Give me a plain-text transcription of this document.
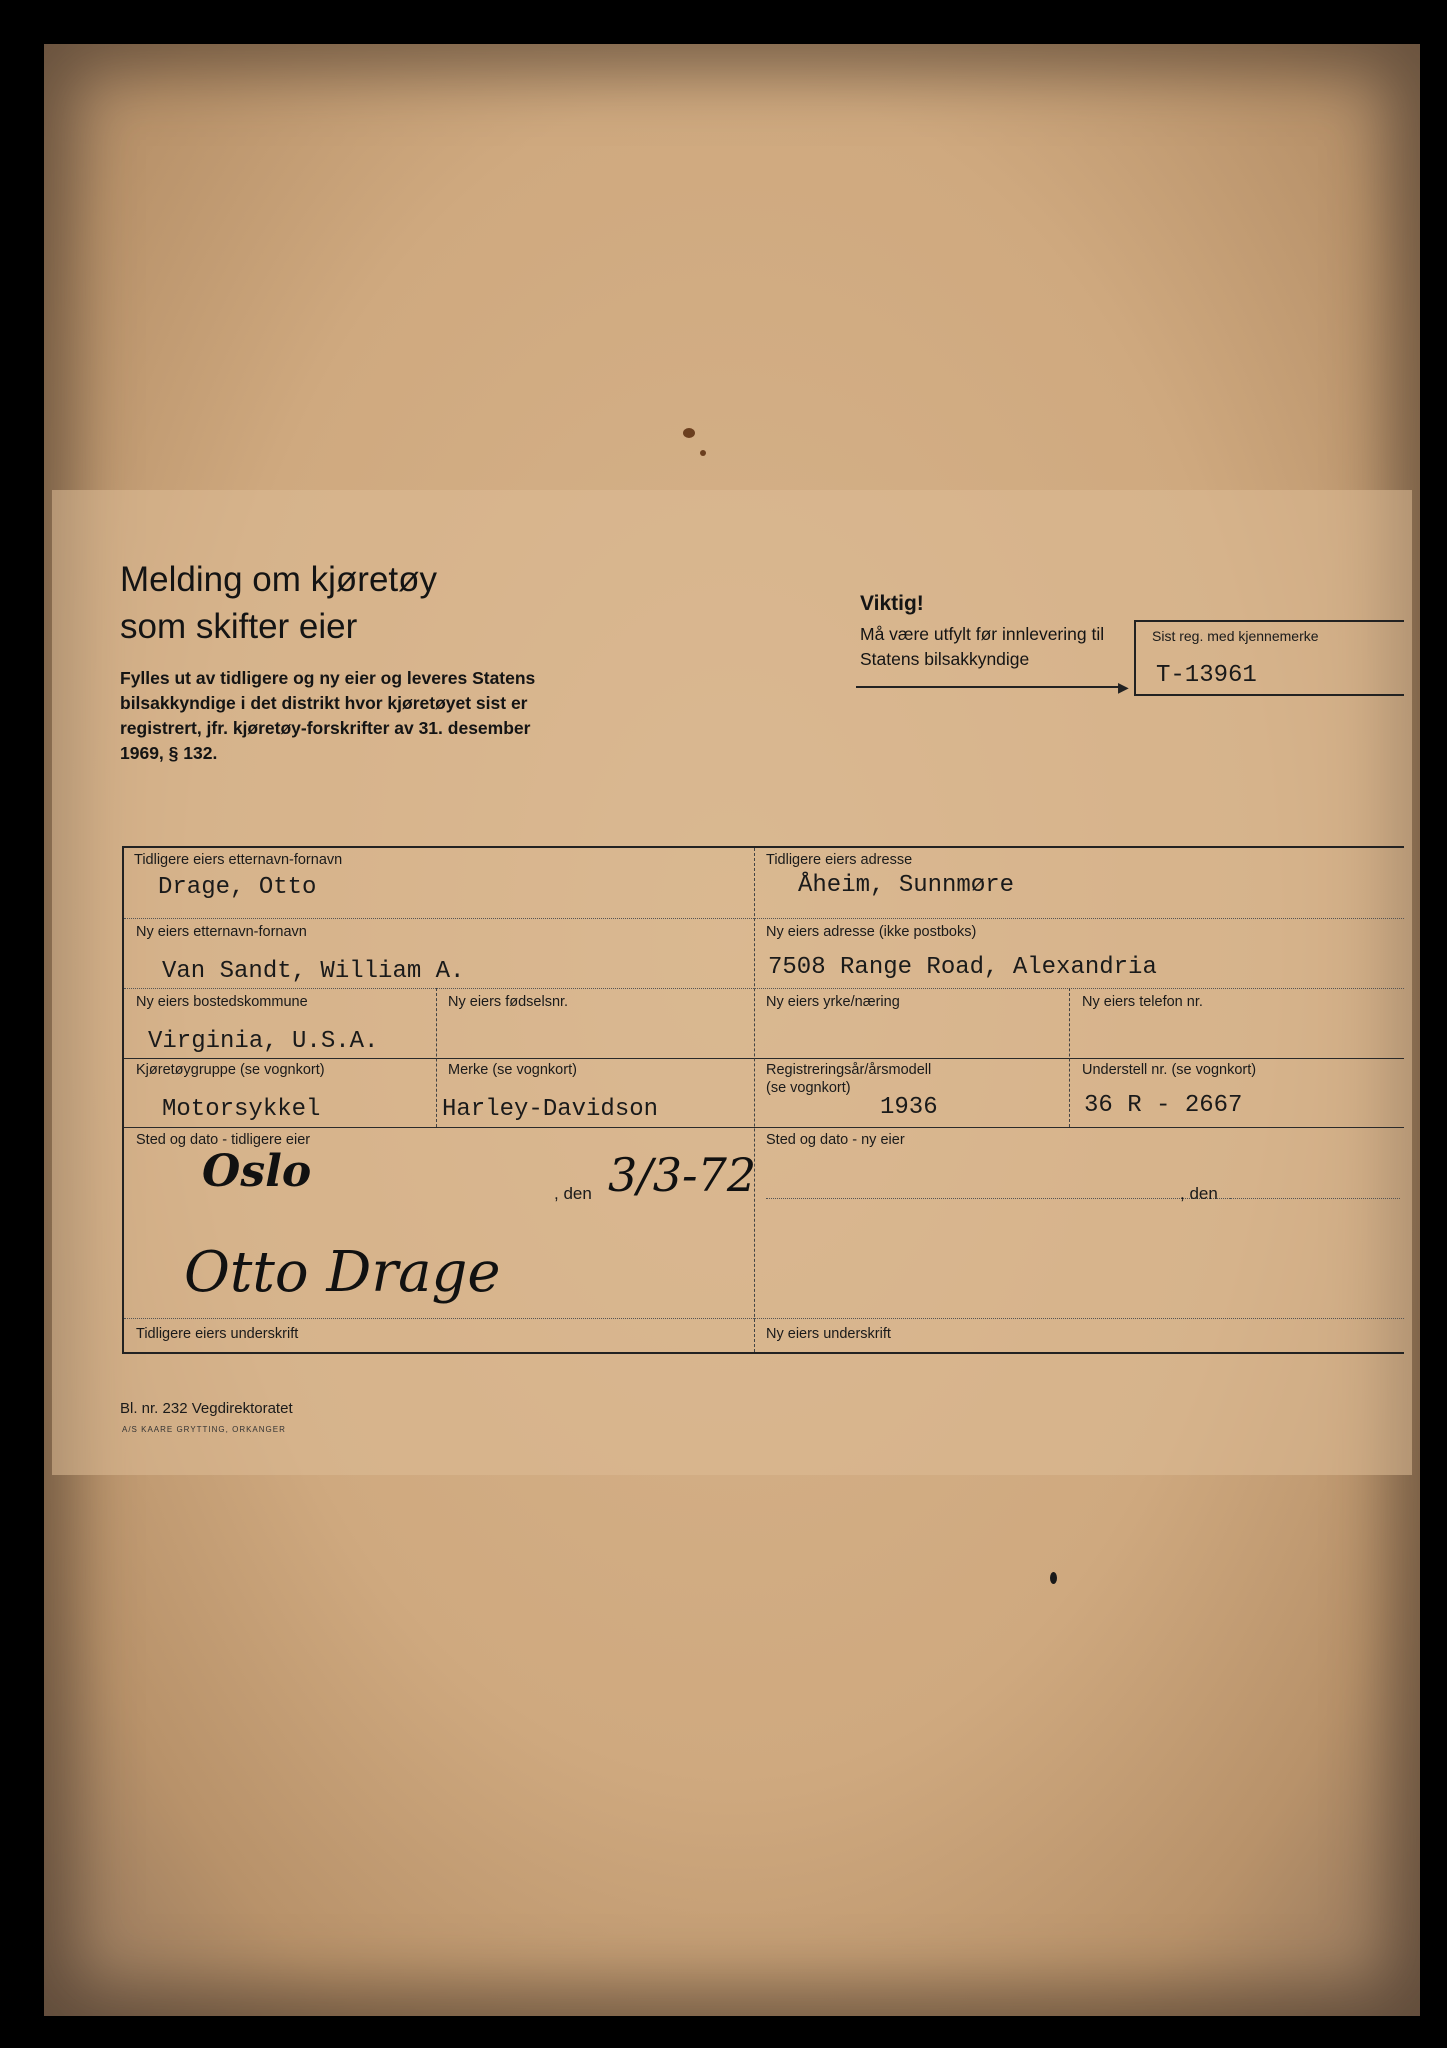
Melding om kjøretøy
som skifter eier
Fylles ut av tidligere og ny eier og leveres Statens bilsakkyndige i det distrikt hvor kjøretøyet sist er registrert, jfr. kjøretøy-forskrifter av 31. desember 1969, § 132.
Viktig!
Må være utfylt før innlevering til Statens bilsakkyndige
▶
Sist reg. med kjennemerke
T-13961
Tidligere eiers etternavn-fornavn
Drage, Otto
Tidligere eiers adresse
Åheim, Sunnmøre
Ny eiers etternavn-fornavn
Van Sandt, William A.
Ny eiers adresse (ikke postboks)
7508 Range Road, Alexandria
Ny eiers bostedskommune
Virginia, U.S.A.
Ny eiers fødselsnr.	Ny eiers yrke/næring	Ny eiers telefon nr.
Kjøretøygruppe (se vognkort)
Motorsykkel
Merke (se vognkort)
Harley-Davidson
Registreringsår/årsmodell
(se vognkort)
1936
Understell nr. (se vognkort)
36 R - 2667
Sted og dato - tidligere eier
Oslo	, den 3/3-72
Sted og dato - ny eier
, den
Otto Drage
Tidligere eiers underskrift	Ny eiers underskrift
Bl. nr. 232 Vegdirektoratet
A/S KAARE GRYTTING, ORKANGER
